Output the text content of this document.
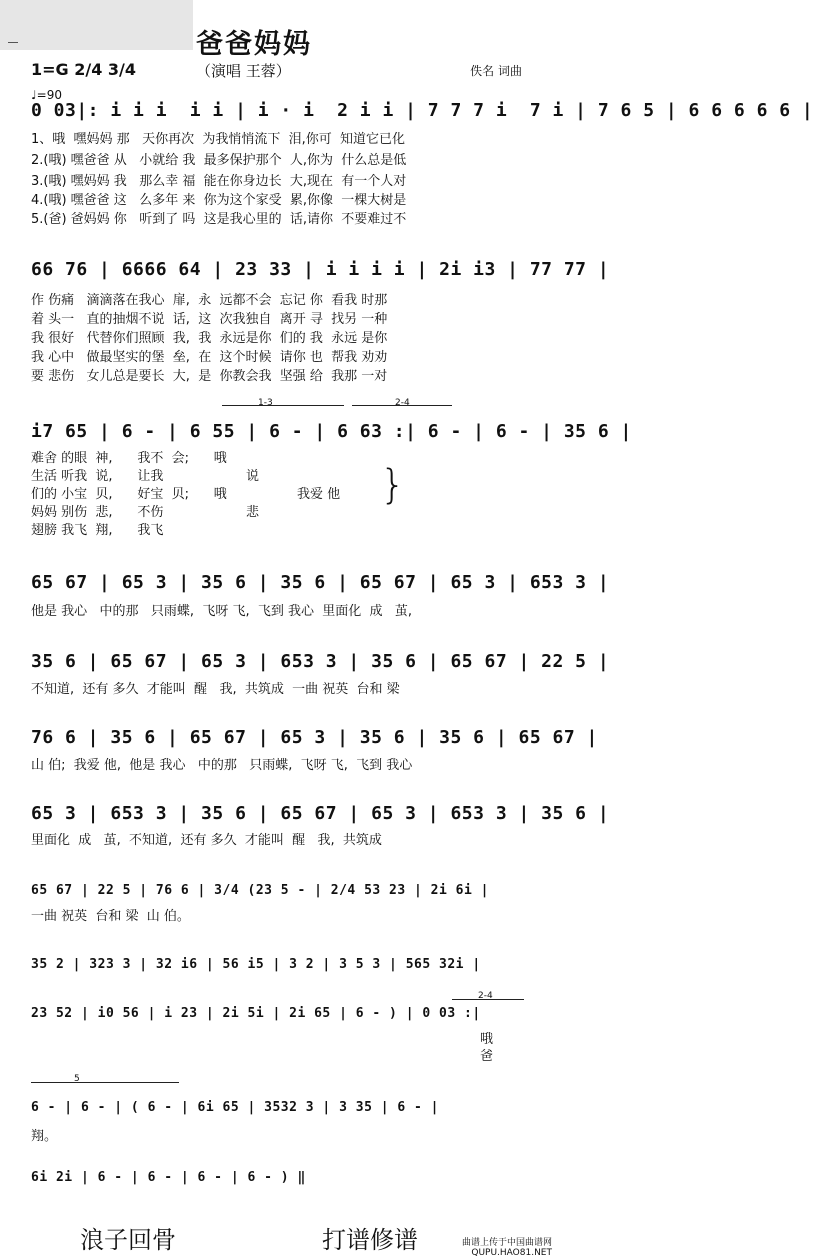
爸爸妈妈
1=G 2/4 3/4	（演唱 王蓉）	佚名 词曲
♩=90
0 03|: i i i  i i | i · i  2 i i | 7 7 7 i  7 i | 7 6 5 | 6 6 6 6 6 |
1、哦  嘿妈妈 那   天你再次  为我悄悄流下  泪,你可  知道它已化
2.(哦) 嘿爸爸 从   小就给 我  最多保护那个  人,你为  什么总是低
3.(哦) 嘿妈妈 我   那么幸 福  能在你身边长  大,现在  有一个人对
4.(哦) 嘿爸爸 这   么多年 来  你为这个家受  累,你像  一棵大树是
5.(爸) 爸妈妈 你   听到了 吗  这是我心里的  话,请你  不要难过不
66 76 | 6666 64 | 23 33 | i i i i | 2i i3 | 77 77 |
作 伤痛   滴滴落在我心  扉,  永  远都不会  忘记 你  看我 时那
着 头一   直的抽烟不说  话,  这  次我独自  离开 寻  找另 一种
我 很好   代替你们照顾  我,  我  永远是你  们的 我  永远 是你
我 心中   做最坚实的堡  垒,  在  这个时候  请你 也  帮我 劝劝
要 悲伤   女儿总是要长  大,  是  你教会我  坚强 给  我那 一对
1-3	2-4
i7 65 | 6 - | 6 55 | 6 - | 6 63 :| 6 - | 6 - | 35 6 |
难舍 的眼  神,      我不  会;      哦
生活 听我  说,      让我                    说
们的 小宝  贝,      好宝  贝;      哦                 我爱 他
妈妈 别伤  悲,      不伤                    悲
翅膀 我飞  翔,      我飞
}
65 67 | 65 3 | 35 6 | 35 6 | 65 67 | 65 3 | 653 3 |
他是 我心   中的那   只雨蝶,  飞呀 飞,  飞到 我心  里面化  成   茧,
35 6 | 65 67 | 65 3 | 653 3 | 35 6 | 65 67 | 22 5 |
不知道,  还有 多久  才能叫  醒   我,  共筑成  一曲 祝英  台和 梁
76 6 | 35 6 | 65 67 | 65 3 | 35 6 | 35 6 | 65 67 |
山 伯;  我爱 他,  他是 我心   中的那   只雨蝶,  飞呀 飞,  飞到 我心
65 3 | 653 3 | 35 6 | 65 67 | 65 3 | 653 3 | 35 6 |
里面化  成   茧,  不知道,  还有 多久  才能叫  醒   我,  共筑成
65 67 | 22 5 | 76 6 | 3/4 (23 5 - | 2/4 53 23 | 2i 6i |
一曲 祝英  台和 梁  山 伯。
35 2 | 323 3 | 32 i6 | 56 i5 | 3 2 | 3 5 3 | 565 32i |
2-4
23 52 | i0 56 | i 23 | 2i 5i | 2i 65 | 6 - ) | 0 03 :|
哦
爸
5
6 - | 6 - | ( 6 - | 6i 65 | 3532 3 | 3 35 | 6 - |
翔。
6i 2i | 6 - | 6 - | 6 - | 6 - ) ‖
浪子回骨	打谱修谱	曲谱上传于中国曲谱网
QUPU.HAO81.NET
